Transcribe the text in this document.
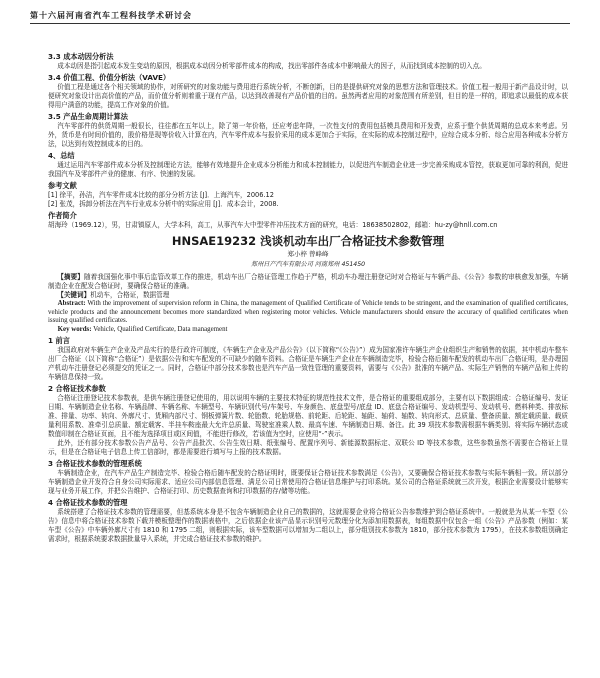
第十六届河南省汽车工程科技学术研讨会
3.3 成本动因分析法

成本动因是指引起成本发生变动的原因，根据成本动因分析零部件成本的构成，找出零部件各成本中影响最大的因子，从而找到成本控制的切入点。

3.4 价值工程、价值分析法（VAVE）

价值工程是通过各个相关领域的协作，对所研究的对象功能与费用进行系统分析，不断创新，目的是提供研究对象的思想方法和管理技术。价值工程一般用于新产品设计时，以便研究对象设计出高价值的产品，而价值分析则着重于现有产品，以达到改善现有产品价值的目的。虽然两者应用的对象范围有所差别，但目的是一样的，即追求以最低的成本获得用户满意的功能，提高工作对象的价值。

3.5 产品生命周期计算法

汽车零部件的供货周期一般很长，往往都在五年以上，除了第一年价格，还应考虑年降，一次性支付的费用包括模具费用和开发费，应系于整个供货周期的总成本来考虑。另外，货币是有时间价值的，股价格是现等价收入计算在内，汽车零件成本与报价采用的成本更加合于实际，在实际的成本控制过程中，应综合成本分析、综合应用各种成本分析方法，以达到有效控制成本的目的。

4、总结

通过运用汽车零部件成本分析及控制理论方法，能够有效地提升企业成本分析能力和成本控制能力，以促进汽车制造企业进一步完善采购成本管控，获取更加可靠的利润，促进我国汽车及零部件产业的健康、有序、快速的发展。

参考文献

[1] 徐平，孙洁，汽车零件成本比较的部分分析方法 [J]．上海汽车，2006.12

[2] 张茂，拆卸分析法在汽车行业成本分析中的实际应用 [J]．成本会计，2008.

作者简介

胡海玲（1969.12），男，甘肃镇原人，大学本科，高工，从事汽车大中型零件冲压技术方面的研究，电话：18638502802，邮箱：hu-zy@hnll.com.cn

HNSAE19232 浅谈机动车出厂合格证技术参数管理
郑小梓 曾峰峰
郑州日产汽车有限公司 河南郑州 451450

【摘要】随着我国强化事中事后监管改革工作的推进，机动车出厂合格证管理工作趋于严格，机动车办理注册登记时对合格证与车辆产品、《公告》参数的审核愈发加强，车辆制造企业在配发合格证时，要确保合格证的准确。

【关键词】机动车，合格证，数据管理

Abstract: With the improvement of supervision reform in China, the management of Qualified Certificate of Vehicle tends to be stringent, and the examination of qualified certificates, vehicle products and the announcement becomes more standardized when registering motor vehicles. Vehicle manufacturers should ensure the accuracy of qualified certificates when issuing qualified certificates.

Key words: Vehicle, Qualified Certificate, Data management

1 前言

我国政府对车辆生产企业及产品实行的是行政许可制度，《车辆生产企业及产品公告》（以下简称“《公告》”）成为国家准许车辆生产企业组织生产和销售的依据，其中机动车整车出厂合格证（以下简称“合格证”）是依据公告和实车配发的不可缺少的随车资料。合格证是车辆生产企业在车辆制造完毕，检验合格后随车配发的机动车出厂合格证明，是办理国产机动车注册登记必须提交的凭证之一。同时，合格证中部分技术参数也是汽车产品一致性管理的重要资料，需要与《公告》批准的车辆产品、实际生产销售的车辆产品和上传的车辆信息保持一致。

2 合格证技术参数

合格证注册登记技术参数表，是供车辆注册登记使用的，用以说明车辆的主要技术特征的规范性技术文件，是合格证的重要组成部分，主要有以下数据组成：合格证编号、发证日期、车辆制造企业名称、车辆品牌、车辆名称、车辆型号、车辆识别代号/车架号、车身颜色、底盘型号/底盘 ID、底盘合格证编号、发动机型号、发动机号、燃料种类、排放标准、排量、功率、转向、外廓尺寸、货厢内部尺寸、钢板弹簧片数、轮胎数、轮胎规格、前轮距、后轮距、轴距、轴荷、轴数、转向形式、总质量、整备质量、额定载质量、载质量利用系数、准牵引总质量、额定载客、半挂车鞍座最大允许总质量、驾驶室准乘人数、最高车速、车辆制造日期、备注。此 39 项技术参数需根据车辆类别、将实际车辆状态或数值印制在合格证页面，且不能为选择项目或区间值，不能进行修改，若该值为空时，应使用“-”表示。

此外，还有部分技术参数公告产品号、公告产品批次、公告生效日期、纸张编号、配置序列号、新能源数据标定、双联公 ID 等技术参数，这些参数虽然不需要在合格证上显示，但是在合格证电子信息上传工信部时，都是需要进行填写与上报的技术数据。

3 合格证技术参数的管理系统

车辆制造企业，在汽车产品生产制造完毕、检验合格后随车配发的合格证明时，既要保证合格证技术参数满足《公告》，又要确保合格证技术参数与实际车辆相一致。所以部分车辆制造企业开发符合自身公司实际需求、适应公司内部信息管理、满足公司日常使用符合格证信息维护与打印系统。某公司的合格证系统就三次开发，根据企业需要设计能够实现与业务开展工作，并把公告维护、合格证打印、历史数据查询和打印数据的存/储等功能。

4 合格证技术参数的管理

系统搭建了合格证技术参数的管理需要，但基系统本身是不包含车辆制造企业自己的数据的，这就需要企业将合格证公告参数维护到合格证系统中。一般就是为从某一车型《公告》信息中将合格证技术参数下载并模板整理作的数据表格中，之后依据企业该产品显示识别号元数理分化为添加用数据表，每组数据中仅包含一组《公告》产品参数（例如：某车型《公告》中车辆外廓尺寸有 1810 和 1795 二组，则根据实际，该车型数据可以增加为二组以上，部分组别技术参数为 1810，部分技术参数为 1795），在技术参数组别确定需求时，根据系统要求数据批量导入系统，并完成合格证技术参数的维护。
